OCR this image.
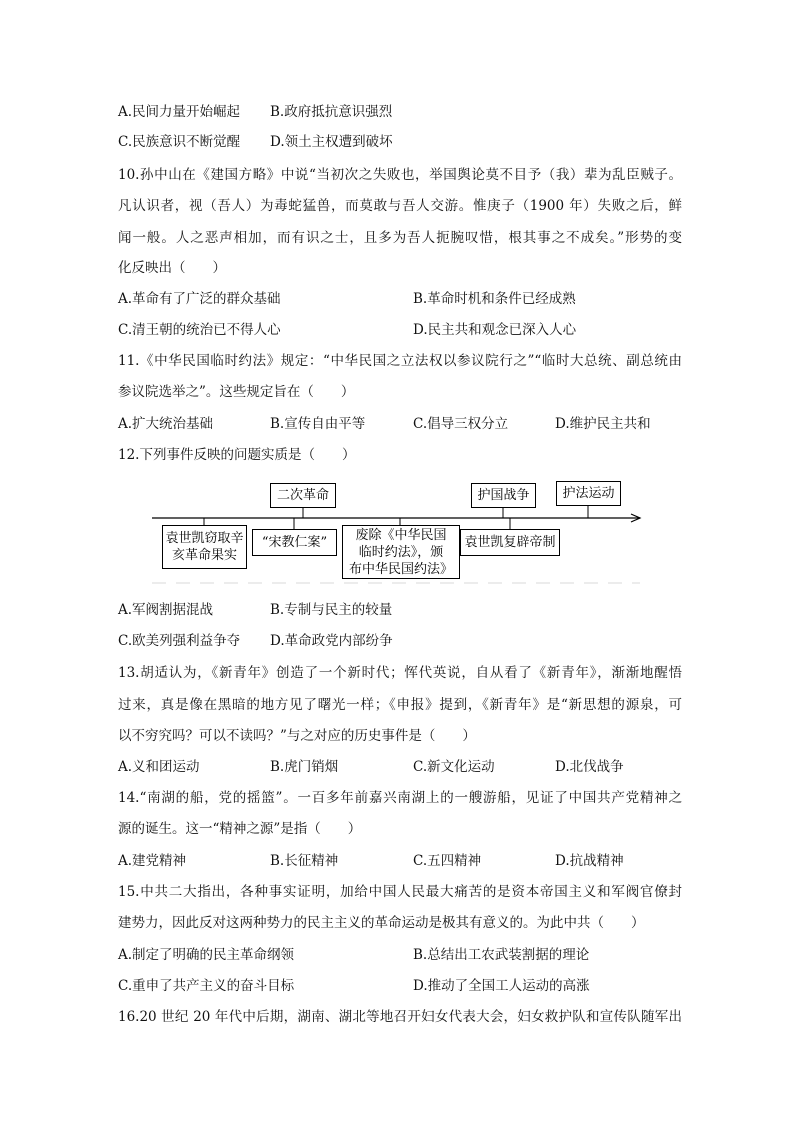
A.民间力量开始崛起 B.政府抵抗意识强烈
C.民族意识不断觉醒 D.领土主权遭到破坏
10.孙中山在《建国方略》中说“当初次之失败也，举国舆论莫不目予（我）辈为乱臣贼子。
凡认识者，视（吾人）为毒蛇猛兽，而莫敢与吾人交游。惟庚子（1900 年）失败之后，鲜
闻一般。人之恶声相加，而有识之士，且多为吾人扼腕叹惜，根其事之不成矣。”形势的变
化反映出（　　）
A.革命有了广泛的群众基础	B.革命时机和条件已经成熟
C.清王朝的统治已不得人心	D.民主共和观念已深入人心
11.《中华民国临时约法》规定：“中华民国之立法权以参议院行之”“临时大总统、副总统由
参议院选举之”。这些规定旨在（　　）
A.扩大统治基础	B.宣传自由平等	C.倡导三权分立	D.维护民主共和
12.下列事件反映的问题实质是（　　）
二次革命	护国战争	护法运动
袁世凯窃取辛
亥革命果实
“宋教仁案” 废除《中华民国
临时约法》，颁
布中华民国约法》
袁世凯复辟帝制
A.军阀割据混战	B.专制与民主的较量
C.欧美列强利益争夺 D.革命政党内部纷争
13.胡适认为，《新青年》创造了一个新时代；恽代英说，自从看了《新青年》，渐渐地醒悟
过来，真是像在黑暗的地方见了曙光一样；《申报》提到，《新青年》是“新思想的源泉，可
以不穷究吗？可以不读吗？”与之对应的历史事件是（　　）
A.义和团运动	B.虎门销烟	C.新文化运动	D.北伐战争
14.“南湖的船，党的摇篮”。一百多年前嘉兴南湖上的一艘游船，见证了中国共产党精神之
源的诞生。这一“精神之源”是指（　　）
A.建党精神	B.长征精神	C.五四精神	D.抗战精神
15.中共二大指出，各种事实证明，加给中国人民最大痛苦的是资本帝国主义和军阀官僚封
建势力，因此反对这两种势力的民主主义的革命运动是极其有意义的。为此中共（　　）
A.制定了明确的民主革命纲领	B.总结出工农武装割据的理论
C.重申了共产主义的奋斗目标	D.推动了全国工人运动的高涨
16.20 世纪 20 年代中后期，湖南、湖北等地召开妇女代表大会，妇女救护队和宣传队随军出
